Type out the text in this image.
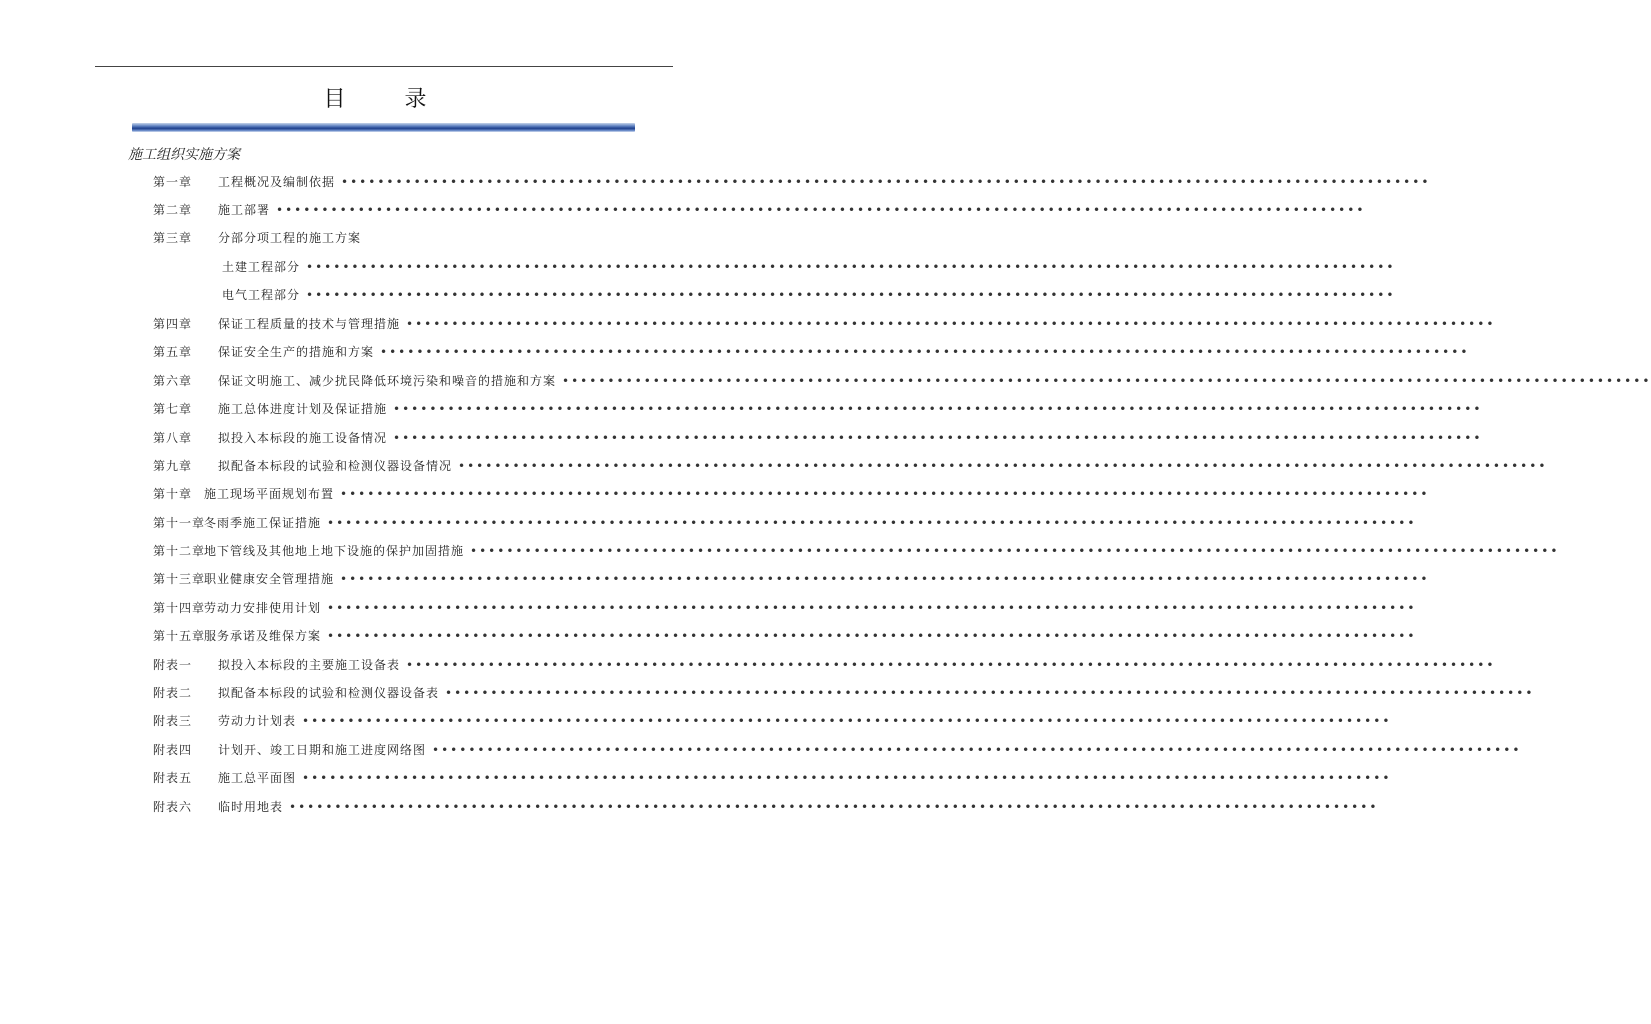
目 录
施工组织实施方案
第一章 工程概况及编制依据 ••••••••••••••••••••••••••••••••••••••••••••••••••••••••••••••••••••••••••••••••••••••••••••••••••••••••••••••••••••••••
第二章 施工部署 ••••••••••••••••••••••••••••••••••••••••••••••••••••••••••••••••••••••••••••••••••••••••••••••••••••••••••••••••••••••••
第三章 分部分项工程的施工方案
土建工程部分 ••••••••••••••••••••••••••••••••••••••••••••••••••••••••••••••••••••••••••••••••••••••••••••••••••••••••••••••••••••••••
电气工程部分 ••••••••••••••••••••••••••••••••••••••••••••••••••••••••••••••••••••••••••••••••••••••••••••••••••••••••••••••••••••••••
第四章 保证工程质量的技术与管理措施 ••••••••••••••••••••••••••••••••••••••••••••••••••••••••••••••••••••••••••••••••••••••••••••••••••••••••••••••••••••••••
第五章 保证安全生产的措施和方案 ••••••••••••••••••••••••••••••••••••••••••••••••••••••••••••••••••••••••••••••••••••••••••••••••••••••••••••••••••••••••
第六章 保证文明施工、减少扰民降低环境污染和噪音的措施和方案 ••••••••••••••••••••••••••••••••••••••••••••••••••••••••••••••••••••••••••••••••••••••••••••••••••••••••••••••••••••••••
第七章 施工总体进度计划及保证措施 ••••••••••••••••••••••••••••••••••••••••••••••••••••••••••••••••••••••••••••••••••••••••••••••••••••••••••••••••••••••••
第八章 拟投入本标段的施工设备情况 ••••••••••••••••••••••••••••••••••••••••••••••••••••••••••••••••••••••••••••••••••••••••••••••••••••••••••••••••••••••••
第九章 拟配备本标段的试验和检测仪器设备情况 ••••••••••••••••••••••••••••••••••••••••••••••••••••••••••••••••••••••••••••••••••••••••••••••••••••••••••••••••••••••••
第十章 施工现场平面规划布置 ••••••••••••••••••••••••••••••••••••••••••••••••••••••••••••••••••••••••••••••••••••••••••••••••••••••••••••••••••••••••
第十一章
冬雨季施工保证措施 ••••••••••••••••••••••••••••••••••••••••••••••••••••••••••••••••••••••••••••••••••••••••••••••••••••••••••••••••••••••••
第十二章
地下管线及其他地上地下设施的保护加固措施 ••••••••••••••••••••••••••••••••••••••••••••••••••••••••••••••••••••••••••••••••••••••••••••••••••••••••••••••••••••••••
第十三章
职业健康安全管理措施 ••••••••••••••••••••••••••••••••••••••••••••••••••••••••••••••••••••••••••••••••••••••••••••••••••••••••••••••••••••••••
第十四章
劳动力安排使用计划 ••••••••••••••••••••••••••••••••••••••••••••••••••••••••••••••••••••••••••••••••••••••••••••••••••••••••••••••••••••••••
第十五章
服务承诺及维保方案 ••••••••••••••••••••••••••••••••••••••••••••••••••••••••••••••••••••••••••••••••••••••••••••••••••••••••••••••••••••••••
附表一 拟投入本标段的主要施工设备表 ••••••••••••••••••••••••••••••••••••••••••••••••••••••••••••••••••••••••••••••••••••••••••••••••••••••••••••••••••••••••
附表二 拟配备本标段的试验和检测仪器设备表 ••••••••••••••••••••••••••••••••••••••••••••••••••••••••••••••••••••••••••••••••••••••••••••••••••••••••••••••••••••••••
附表三 劳动力计划表 ••••••••••••••••••••••••••••••••••••••••••••••••••••••••••••••••••••••••••••••••••••••••••••••••••••••••••••••••••••••••
附表四 计划开、竣工日期和施工进度网络图 ••••••••••••••••••••••••••••••••••••••••••••••••••••••••••••••••••••••••••••••••••••••••••••••••••••••••••••••••••••••••
附表五 施工总平面图 ••••••••••••••••••••••••••••••••••••••••••••••••••••••••••••••••••••••••••••••••••••••••••••••••••••••••••••••••••••••••
附表六 临时用地表 ••••••••••••••••••••••••••••••••••••••••••••••••••••••••••••••••••••••••••••••••••••••••••••••••••••••••••••••••••••••••
